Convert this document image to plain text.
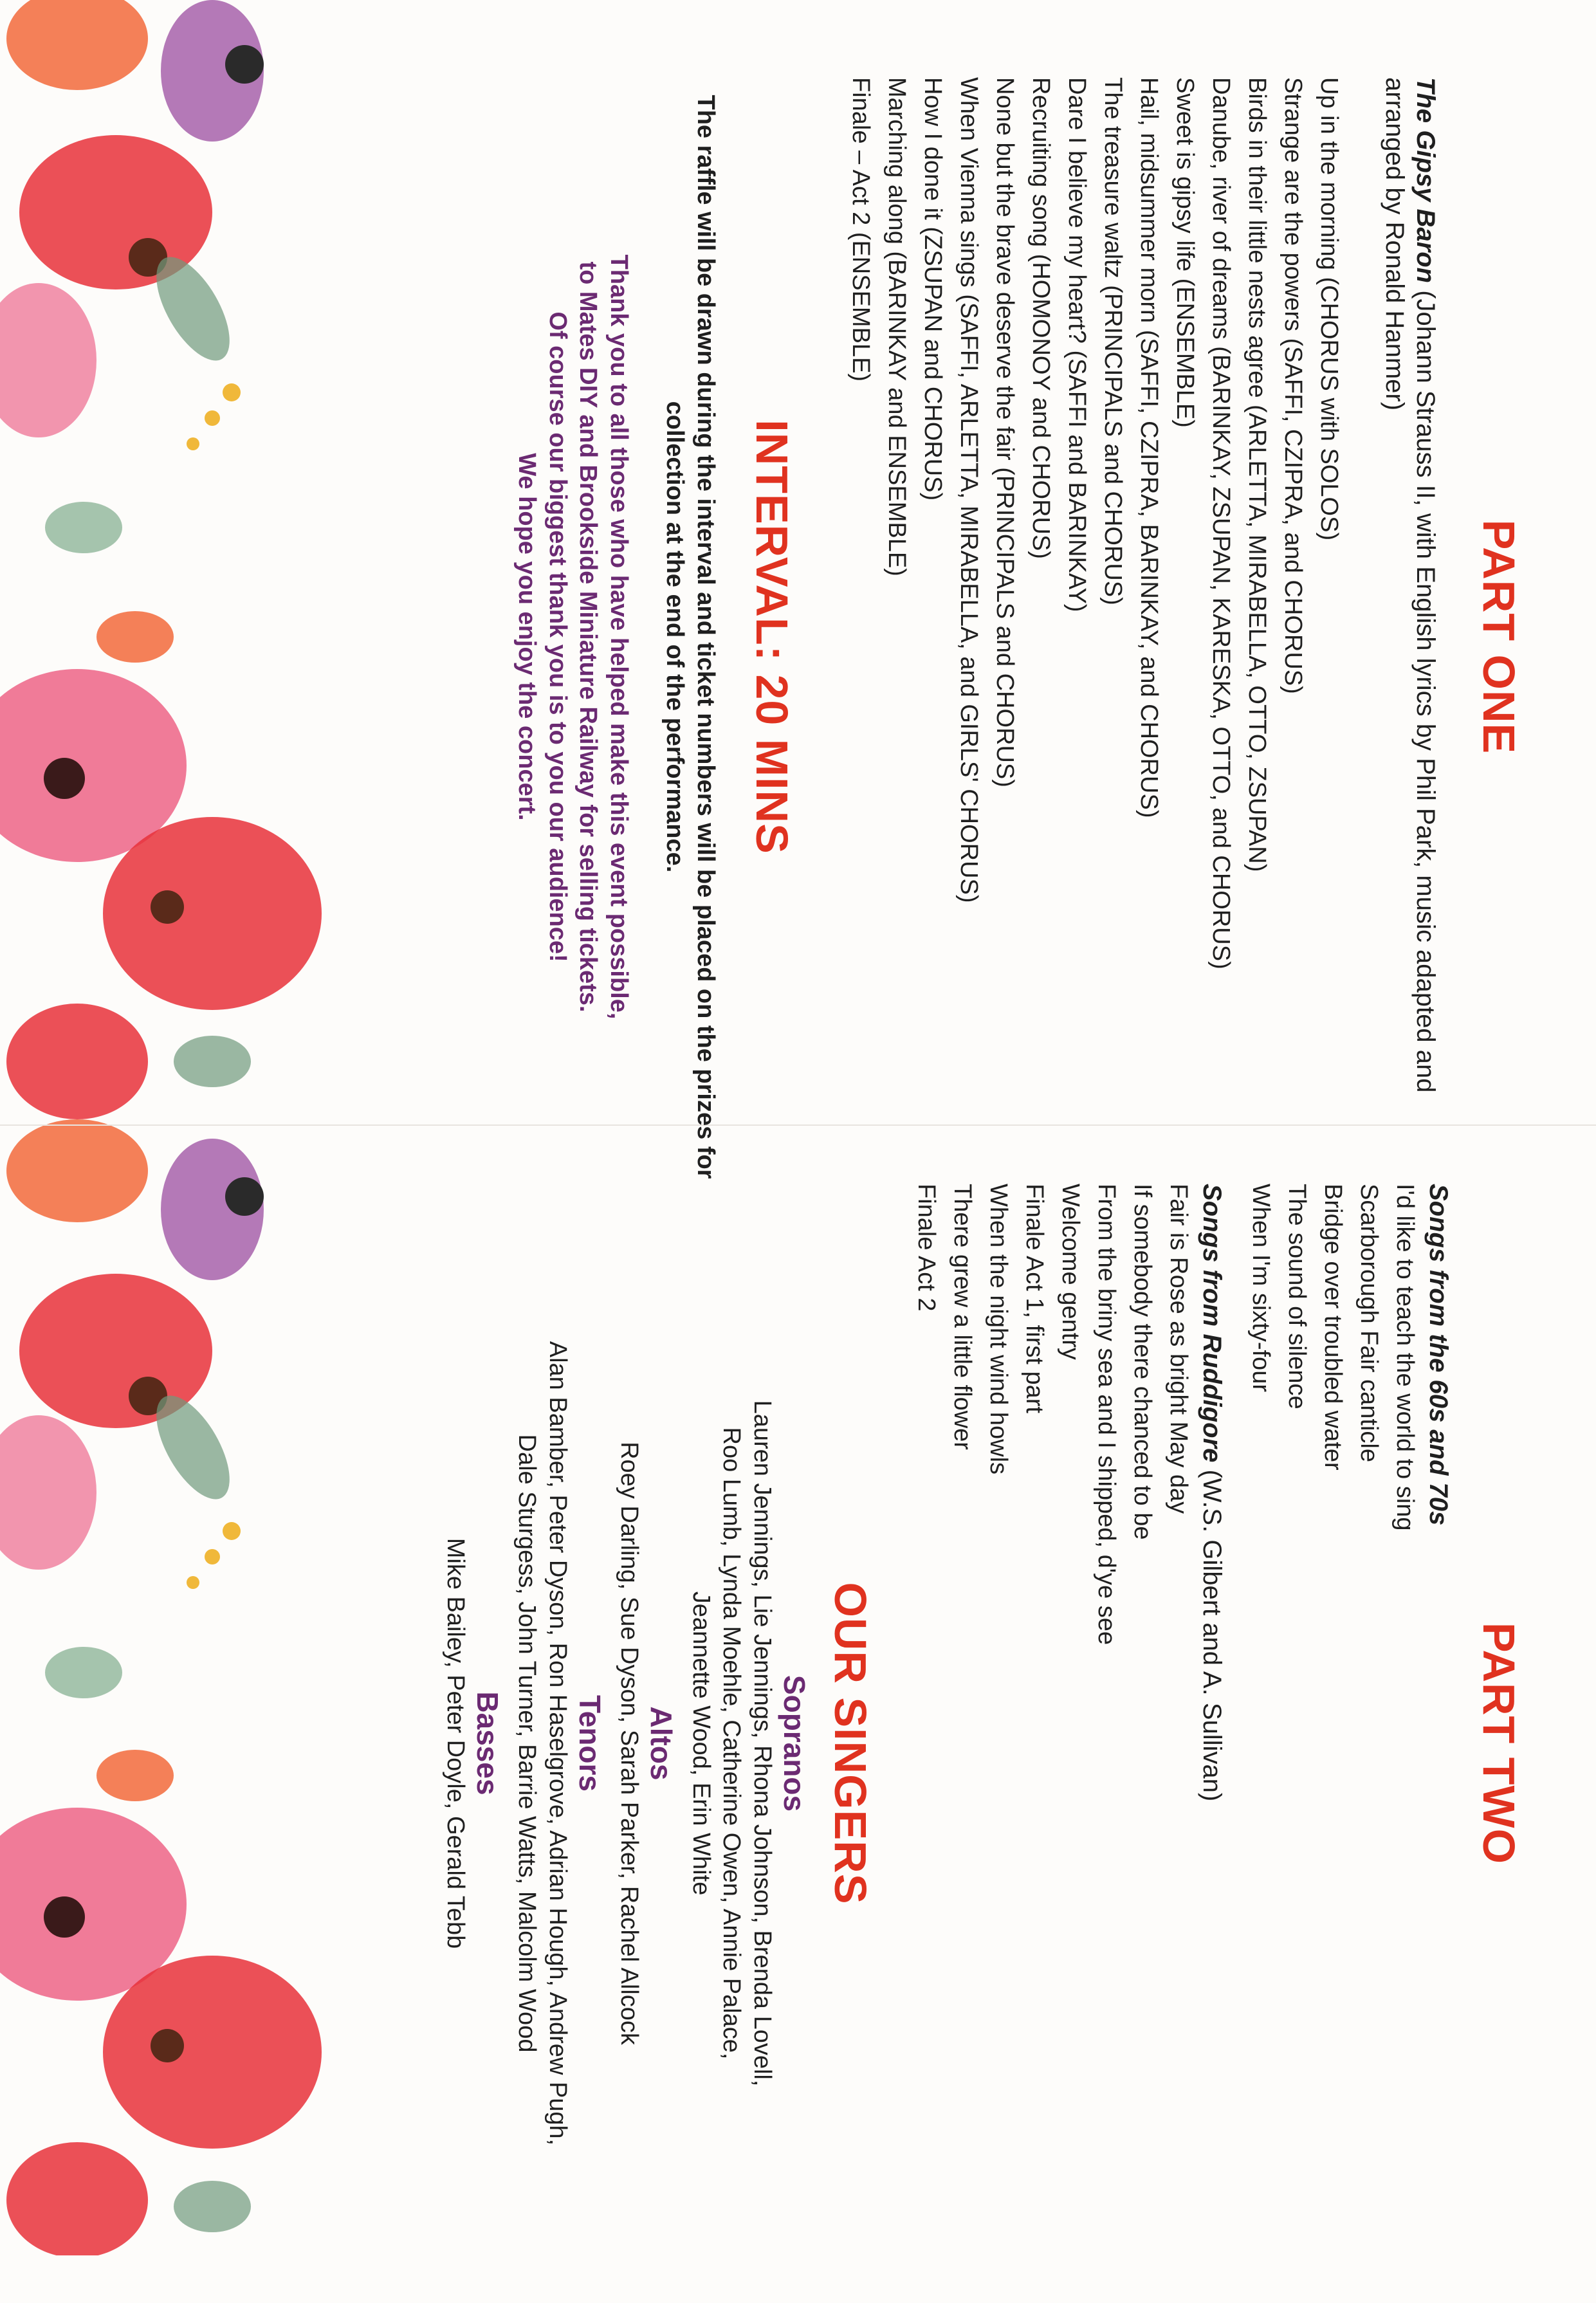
PART ONE

The Gipsy Baron (Johann Strauss II, with English lyrics by Phil Park, music adapted and arranged by Ronald Hanmer)

Up in the morning (CHORUS with SOLOS)
Strange are the powers (SAFFI, CZIPRA, and CHORUS)
Birds in their little nests agree (ARLETTA, MIRABELLA, OTTO, ZSUPAN)
Danube, river of dreams (BARINKAY, ZSUPAN, KARESKA, OTTO, and CHORUS)
Sweet is gipsy life (ENSEMBLE)
Hail, midsummer morn (SAFFI, CZIPRA, BARINKAY, and CHORUS)
The treasure waltz (PRINCIPALS and CHORUS)
Dare I believe my heart? (SAFFI and BARINKAY)
Recruiting song (HOMONOY and CHORUS)
None but the brave deserve the fair (PRINCIPALS and CHORUS)
When Vienna sings (SAFFI, ARLETTA, MIRABELLA, and GIRLS' CHORUS)
How I done it (ZSUPAN and CHORUS)
Marching along (BARINKAY and ENSEMBLE)
Finale – Act 2 (ENSEMBLE)
INTERVAL: 20 MINS

The raffle will be drawn during the interval and ticket numbers will be placed on the prizes for collection at the end of the performance.

Thank you to all those who have helped make this event possible,

to Mates DIY and Brookside Miniature Railway for selling tickets.

Of course our biggest thank you is to you our audience!

We hope you enjoy the concert.

PART TWO

Songs from the 60s and 70s

I'd like to teach the world to sing
Scarborough Fair canticle
Bridge over troubled water
The sound of silence
When I'm sixty-four

Songs from Ruddigore (W.S. Gilbert and A. Sullivan)

Fair is Rose as bright May day
If somebody there chanced to be
From the briny sea and I shipped, d'ye see
Welcome gentry
Finale Act 1, first part
When the night wind howls
There grew a little flower
Finale Act 2
OUR SINGERS
Sopranos

Lauren Jennings, Lie Jennings, Rhona Johnson, Brenda Lovell,

Roo Lumb, Lynda Moehle, Catherine Owen, Annie Palace,

Jeannette Wood, Erin White

Altos

Roey Darling, Sue Dyson, Sarah Parker, Rachel Allcock

Tenors

Alan Bamber, Peter Dyson, Ron Haselgrove, Adrian Hough, Andrew Pugh,

Dale Sturgess, John Turner, Barrie Watts, Malcolm Wood

Basses

Mike Bailey, Peter Doyle, Gerald Tebb
